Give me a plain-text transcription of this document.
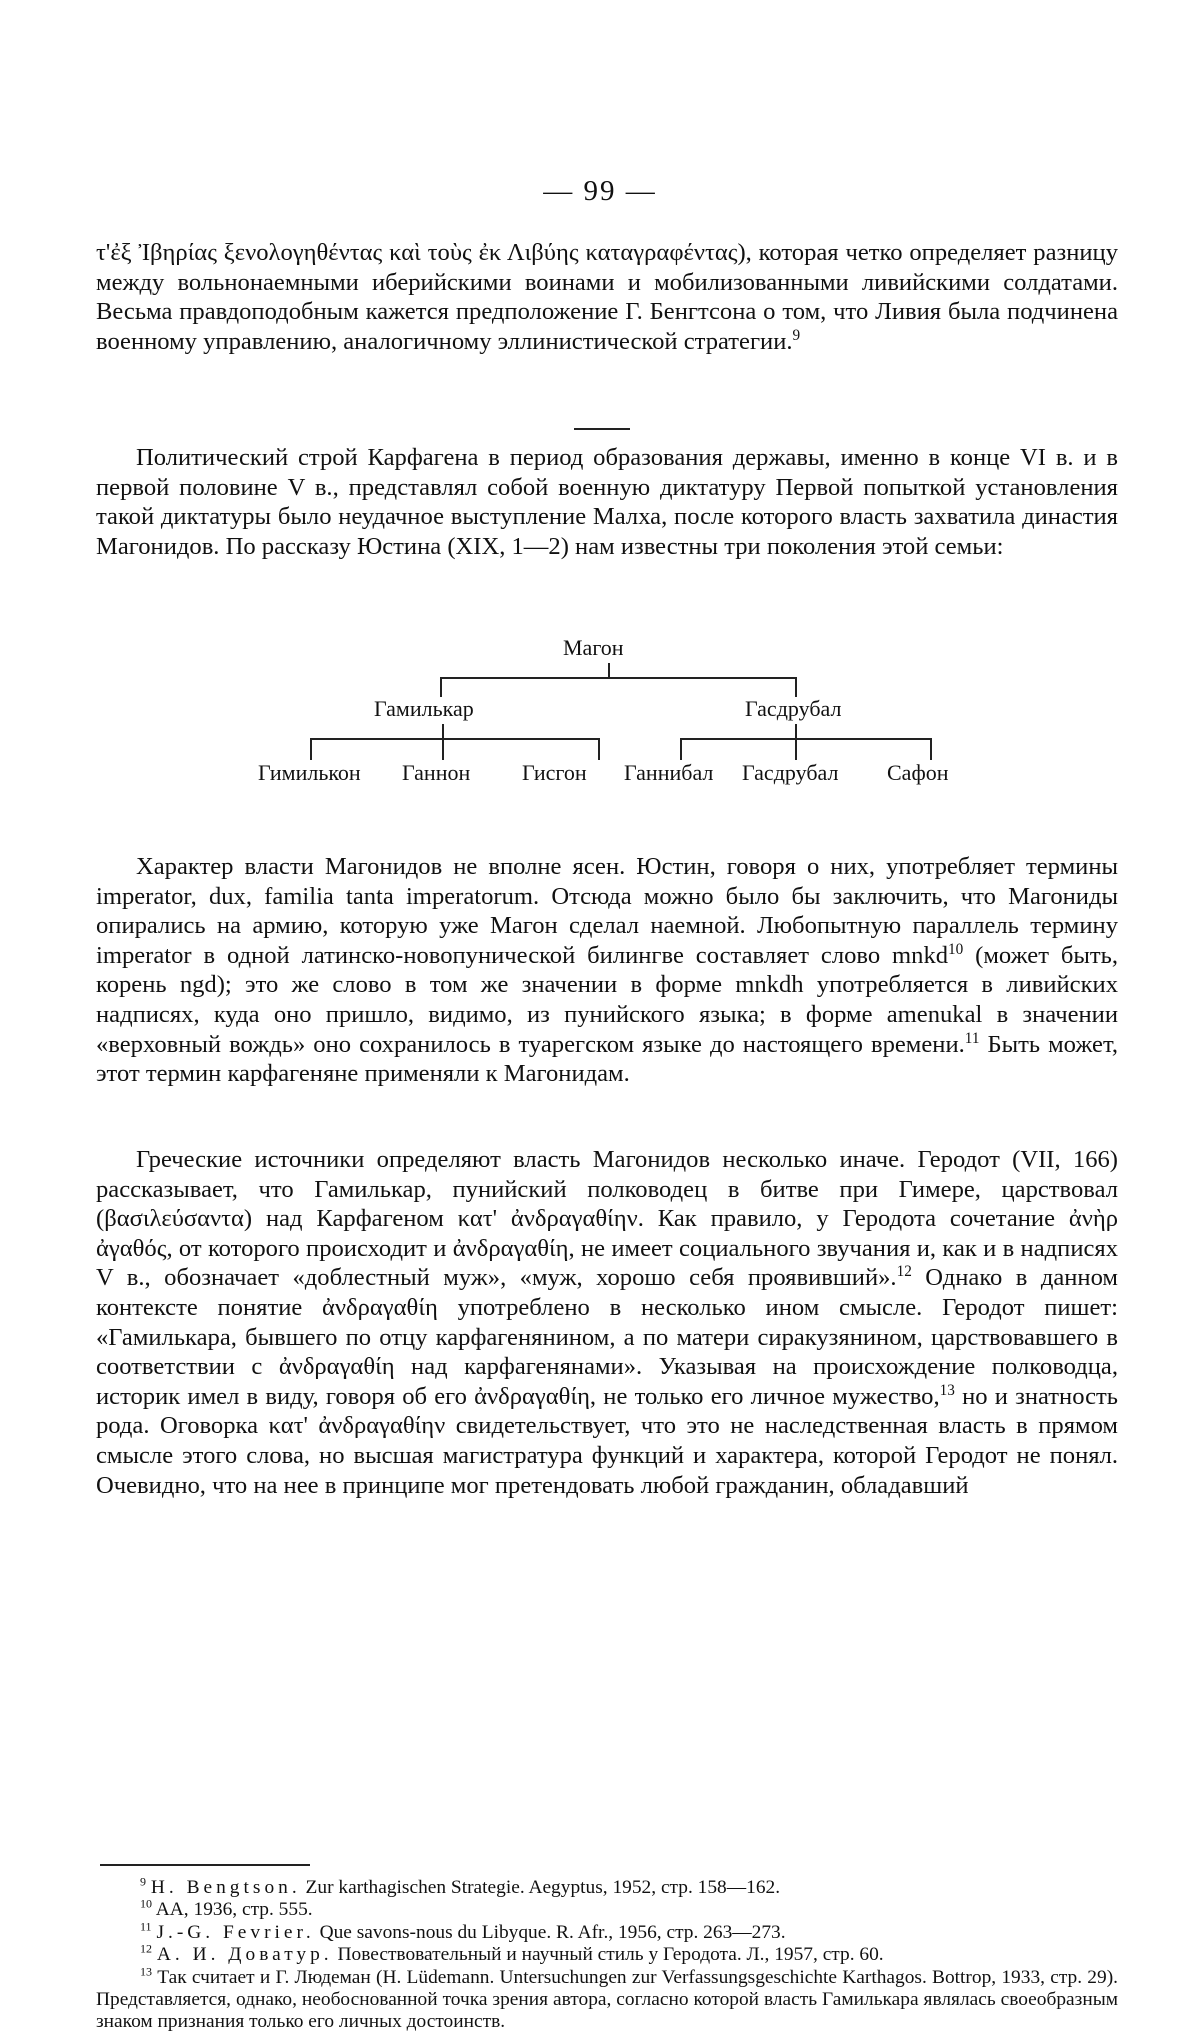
— 99 —

τ'ἐξ Ἰβηρίας ξενολογηθέντας καὶ τοὺς ἐκ Λιβύης καταγραφέντας), которая четко определяет разницу между вольнонаемными иберийскими воинами и мобилизованными ливийскими солдатами. Весьма правдоподобным кажется предположение Г. Бенгтсона о том, что Ливия была подчинена военному управлению, аналогичному эллинистической стратегии.$^9$

Политический строй Карфагена в период образования державы, именно в конце VI в. и в первой половине V в., представлял собой военную диктатуру Первой попыткой установления такой диктатуры было неудачное выступление Малха, после которого власть захватила династия Магонидов. По рассказу Юстина (XIX, 1—2) нам известны три поколения этой семьи:

Магон
Гамилькар	Гасдрубал
Гимилькон Ганнон Гисгон Ганнибал Гасдрубал Сафон

Характер власти Магонидов не вполне ясен. Юстин, говоря о них, употребляет термины imperator, dux, familia tanta imperatorum. Отсюда можно было бы заключить, что Магониды опирались на армию, которую уже Магон сделал наемной. Любопытную параллель термину imperator в одной латинско-новопунической билингве составляет слово mnkd$^{10}$ (может быть, корень ngd); это же слово в том же значении в форме mnkdh употребляется в ливийских надписях, куда оно пришло, видимо, из пунийского языка; в форме amenukal в значении «верховный вождь» оно сохранилось в туарегском языке до настоящего времени.$^{11}$ Быть может, этот термин карфагеняне применяли к Магонидам.

Греческие источники определяют власть Магонидов несколько иначе. Геродот (VII, 166) рассказывает, что Гамилькар, пунийский полководец в битве при Гимере, царствовал (βασιλεύσαντα) над Карфагеном κατ' ἀνδραγαθίην. Как правило, у Геродота сочетание ἀνὴρ ἀγαθός, от которого происходит и ἀνδραγαθίη, не имеет социального звучания и, как и в надписях V в., обозначает «доблестный муж», «муж, хорошо себя проявивший».$^{12}$ Однако в данном контексте понятие ἀνδραγαθίη употреблено в несколько ином смысле. Геродот пишет: «Гамилькара, бывшего по отцу карфагенянином, а по матери сиракузянином, царствовавшего в соответствии с ἀνδραγαθίη над карфагенянами». Указывая на происхождение полководца, историк имел в виду, говоря об его ἀνδραγαθίη, не только его личное мужество,$^{13}$ но и знатность рода. Оговорка κατ' ἀνδραγαθίην свидетельствует, что это не наследственная власть в прямом смысле этого слова, но высшая магистратура функций и характера, которой Геродот не понял. Очевидно, что на нее в принципе мог претендовать любой гражданин, обладавший

$^9$ H. Bengtson. Zur karthagischen Strategie. Aegyptus, 1952, стр. 158—162.

$^{10}$ AA, 1936, стр. 555.

$^{11}$ J.-G. Fevrier. Que savons-nous du Libyque. R. Afr., 1956, стр. 263—273.

$^{12}$ А. И. Доватур. Повествовательный и научный стиль у Геродота. Л., 1957, стр. 60.

$^{13}$ Так считает и Г. Людеман (H. Lüdemann. Untersuchungen zur Verfassungsgeschichte Karthagos. Bottrop, 1933, стр. 29). Представляется, однако, необоснованной точка зрения автора, согласно которой власть Гамилькара являлась своеобразным знаком признания только его личных достоинств.
